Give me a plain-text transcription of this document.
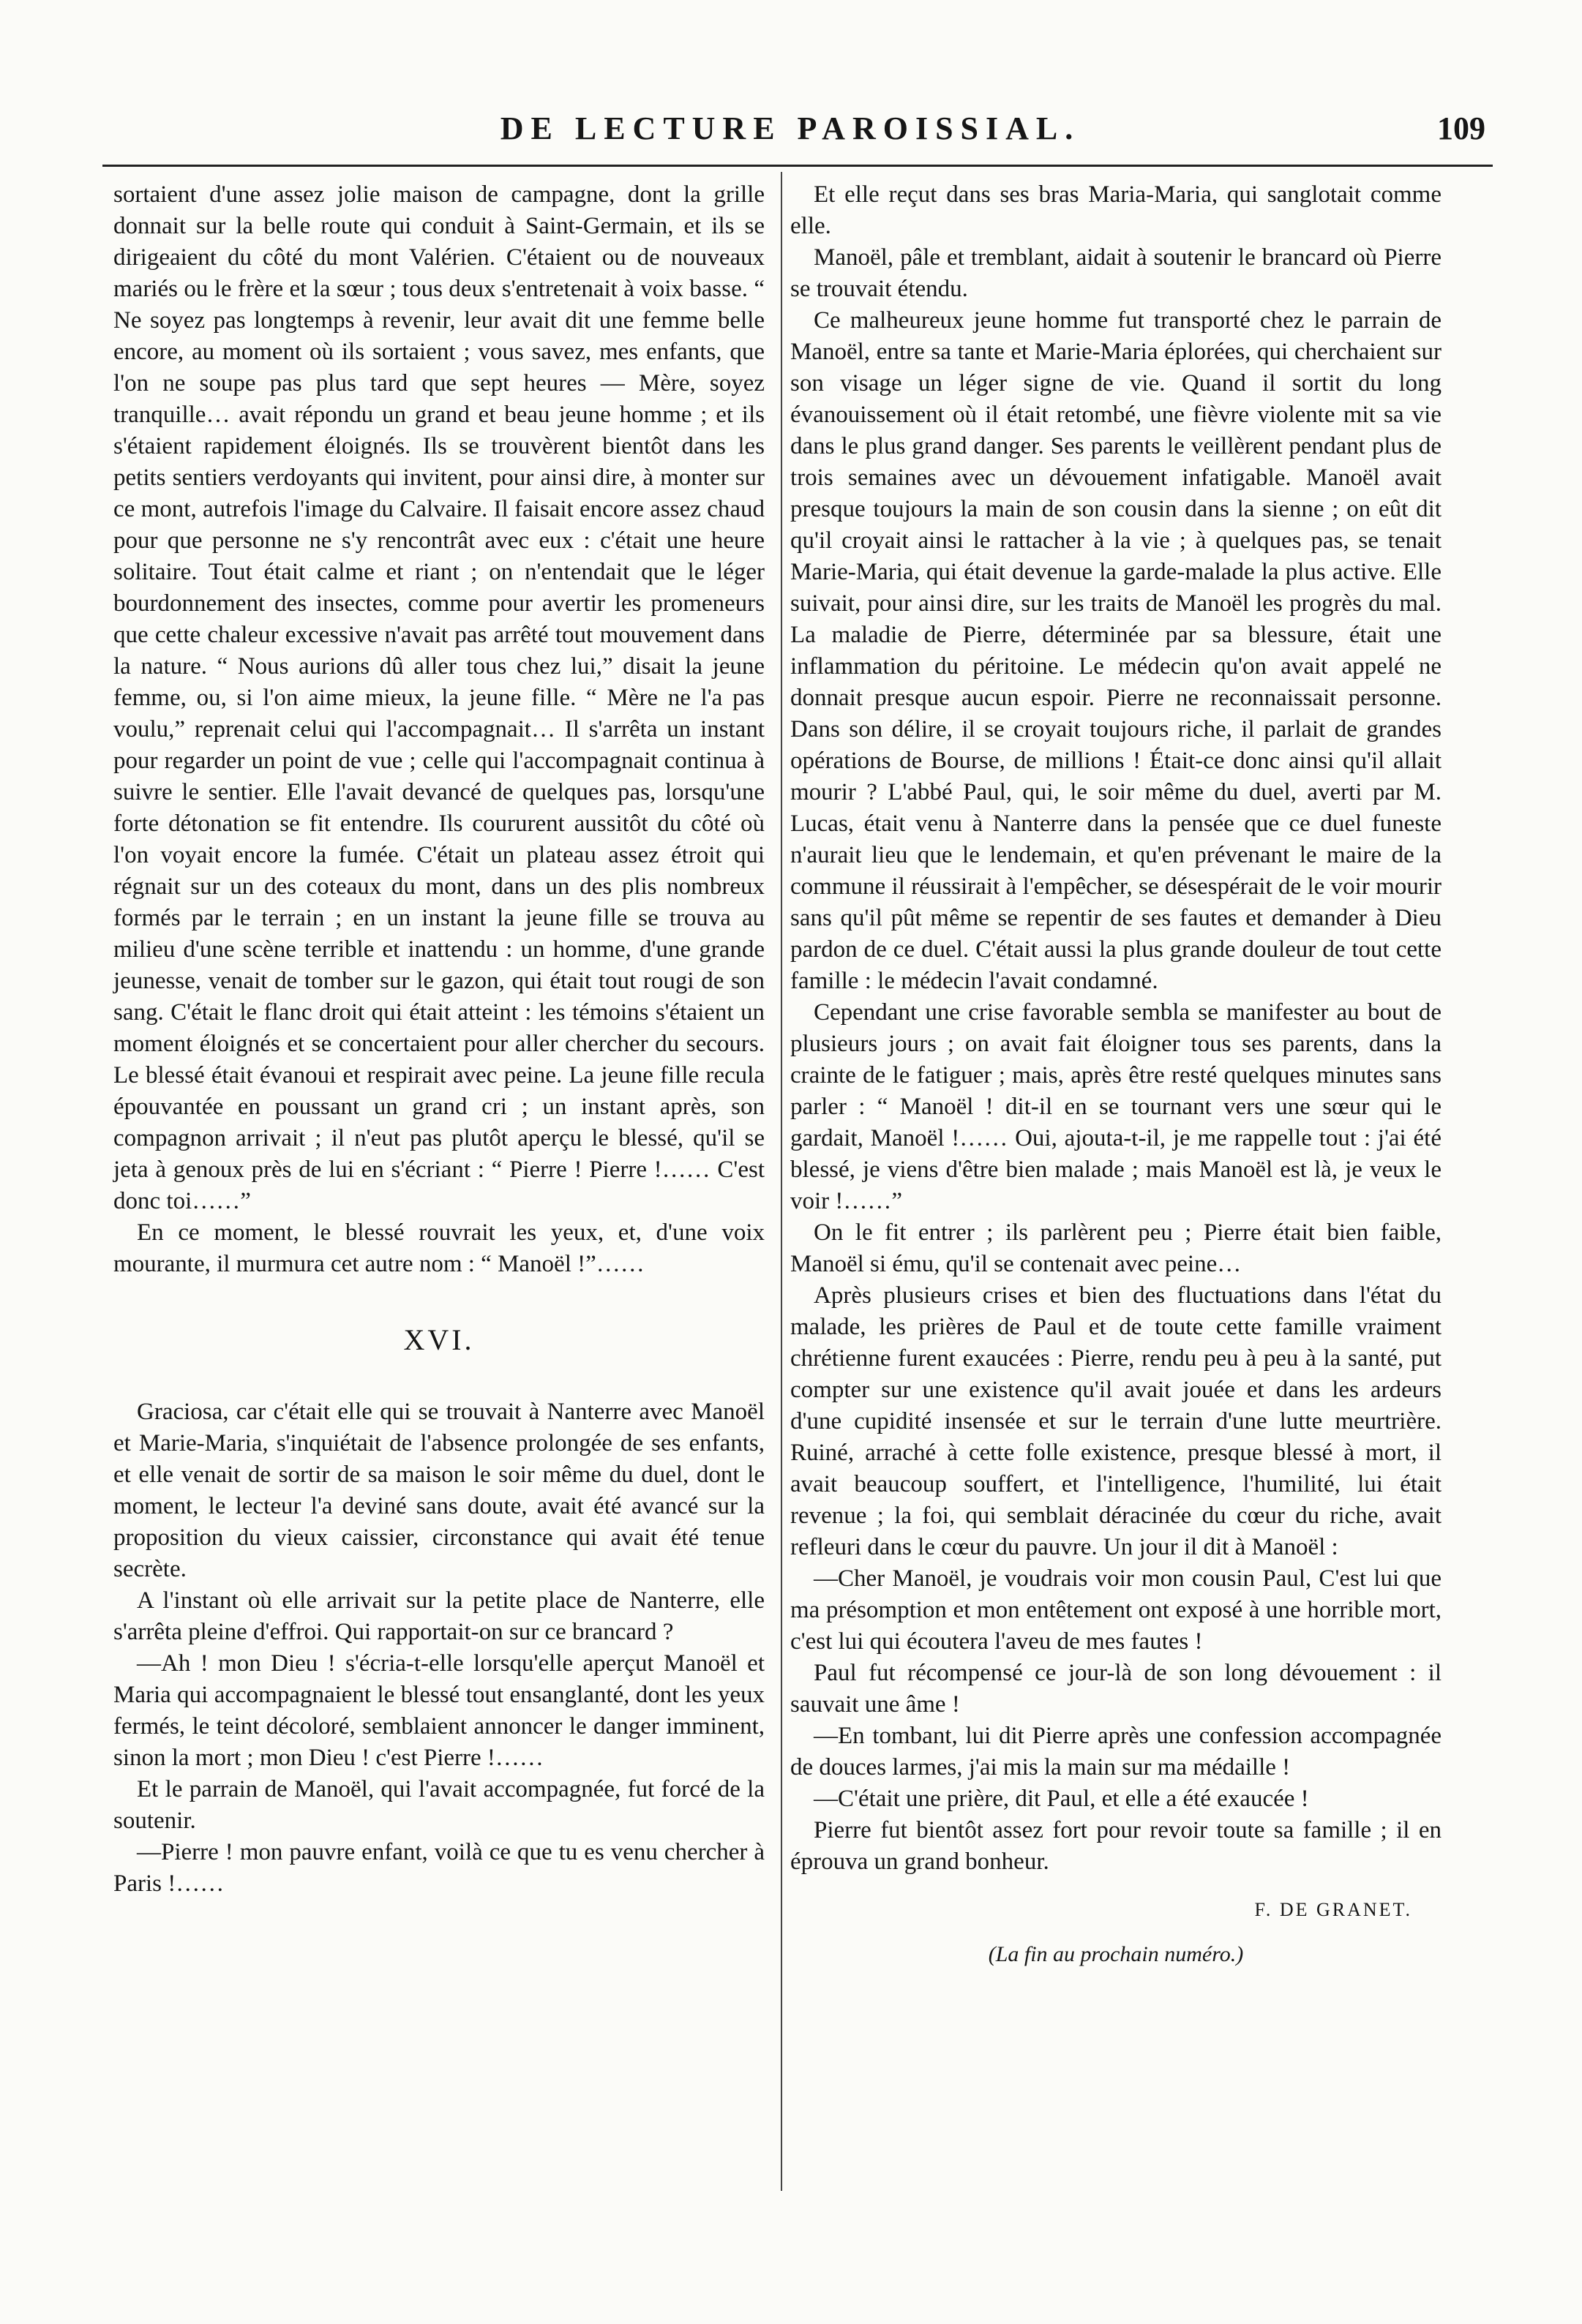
DE LECTURE PAROISSIAL.	109

sortaient d'une assez jolie maison de campagne, dont la grille donnait sur la belle route qui conduit à Saint-Germain, et ils se dirigeaient du côté du mont Valérien. C'étaient ou de nouveaux mariés ou le frère et la sœur ; tous deux s'entretenait à voix basse. “ Ne soyez pas longtemps à revenir, leur avait dit une femme belle encore, au moment où ils sortaient ; vous savez, mes enfants, que l'on ne soupe pas plus tard que sept heures — Mère, soyez tranquille… avait répondu un grand et beau jeune homme ; et ils s'étaient rapidement éloignés. Ils se trouvèrent bientôt dans les petits sentiers verdoyants qui invitent, pour ainsi dire, à monter sur ce mont, autrefois l'image du Calvaire. Il faisait encore assez chaud pour que personne ne s'y rencontrât avec eux : c'était une heure solitaire. Tout était calme et riant ; on n'entendait que le léger bourdonnement des insectes, comme pour avertir les promeneurs que cette chaleur excessive n'avait pas arrêté tout mouvement dans la nature. “ Nous aurions dû aller tous chez lui,” disait la jeune femme, ou, si l'on aime mieux, la jeune fille. “ Mère ne l'a pas voulu,” reprenait celui qui l'accompagnait… Il s'arrêta un instant pour regarder un point de vue ; celle qui l'accompagnait continua à suivre le sentier. Elle l'avait devancé de quelques pas, lorsqu'une forte détonation se fit entendre. Ils coururent aussitôt du côté où l'on voyait encore la fumée. C'était un plateau assez étroit qui régnait sur un des coteaux du mont, dans un des plis nombreux formés par le terrain ; en un instant la jeune fille se trouva au milieu d'une scène terrible et inattendu : un homme, d'une grande jeunesse, venait de tomber sur le gazon, qui était tout rougi de son sang. C'était le flanc droit qui était atteint : les témoins s'étaient un moment éloignés et se concertaient pour aller chercher du secours. Le blessé était évanoui et respirait avec peine. La jeune fille recula épouvantée en poussant un grand cri ; un instant après, son compagnon arrivait ; il n'eut pas plutôt aperçu le blessé, qu'il se jeta à genoux près de lui en s'écriant : “ Pierre ! Pierre !…… C'est donc toi……”

En ce moment, le blessé rouvrait les yeux, et, d'une voix mourante, il murmura cet autre nom : “ Manoël !”……

XVI.

Graciosa, car c'était elle qui se trouvait à Nanterre avec Manoël et Marie-Maria, s'inquiétait de l'absence prolongée de ses enfants, et elle venait de sortir de sa maison le soir même du duel, dont le moment, le lecteur l'a deviné sans doute, avait été avancé sur la proposition du vieux caissier, circonstance qui avait été tenue secrète.

A l'instant où elle arrivait sur la petite place de Nanterre, elle s'arrêta pleine d'effroi. Qui rapportait-on sur ce brancard ?

—Ah ! mon Dieu ! s'écria-t-elle lorsqu'elle aperçut Manoël et Maria qui accompagnaient le blessé tout ensanglanté, dont les yeux fermés, le teint décoloré, semblaient annoncer le danger imminent, sinon la mort ; mon Dieu ! c'est Pierre !……

Et le parrain de Manoël, qui l'avait accompagnée, fut forcé de la soutenir.

—Pierre ! mon pauvre enfant, voilà ce que tu es venu chercher à Paris !……

Et elle reçut dans ses bras Maria-Maria, qui sanglotait comme elle.

Manoël, pâle et tremblant, aidait à soutenir le brancard où Pierre se trouvait étendu.

Ce malheureux jeune homme fut transporté chez le parrain de Manoël, entre sa tante et Marie-Maria éplorées, qui cherchaient sur son visage un léger signe de vie. Quand il sortit du long évanouissement où il était retombé, une fièvre violente mit sa vie dans le plus grand danger. Ses parents le veillèrent pendant plus de trois semaines avec un dévouement infatigable. Manoël avait presque toujours la main de son cousin dans la sienne ; on eût dit qu'il croyait ainsi le rattacher à la vie ; à quelques pas, se tenait Marie-Maria, qui était devenue la garde-malade la plus active. Elle suivait, pour ainsi dire, sur les traits de Manoël les progrès du mal. La maladie de Pierre, déterminée par sa blessure, était une inflammation du péritoine. Le médecin qu'on avait appelé ne donnait presque aucun espoir. Pierre ne reconnaissait personne. Dans son délire, il se croyait toujours riche, il parlait de grandes opérations de Bourse, de millions ! Était-ce donc ainsi qu'il allait mourir ? L'abbé Paul, qui, le soir même du duel, averti par M. Lucas, était venu à Nanterre dans la pensée que ce duel funeste n'aurait lieu que le lendemain, et qu'en prévenant le maire de la commune il réussirait à l'empêcher, se désespérait de le voir mourir sans qu'il pût même se repentir de ses fautes et demander à Dieu pardon de ce duel. C'était aussi la plus grande douleur de tout cette famille : le médecin l'avait condamné.

Cependant une crise favorable sembla se manifester au bout de plusieurs jours ; on avait fait éloigner tous ses parents, dans la crainte de le fatiguer ; mais, après être resté quelques minutes sans parler : “ Manoël ! dit-il en se tournant vers une sœur qui le gardait, Manoël !…… Oui, ajouta-t-il, je me rappelle tout : j'ai été blessé, je viens d'être bien malade ; mais Manoël est là, je veux le voir !……”

On le fit entrer ; ils parlèrent peu ; Pierre était bien faible, Manoël si ému, qu'il se contenait avec peine…

Après plusieurs crises et bien des fluctuations dans l'état du malade, les prières de Paul et de toute cette famille vraiment chrétienne furent exaucées : Pierre, rendu peu à peu à la santé, put compter sur une existence qu'il avait jouée et dans les ardeurs d'une cupidité insensée et sur le terrain d'une lutte meurtrière. Ruiné, arraché à cette folle existence, presque blessé à mort, il avait beaucoup souffert, et l'intelligence, l'humilité, lui était revenue ; la foi, qui semblait déracinée du cœur du riche, avait refleuri dans le cœur du pauvre. Un jour il dit à Manoël :

—Cher Manoël, je voudrais voir mon cousin Paul, C'est lui que ma présomption et mon entêtement ont exposé à une horrible mort, c'est lui qui écoutera l'aveu de mes fautes !

Paul fut récompensé ce jour-là de son long dévouement : il sauvait une âme !

—En tombant, lui dit Pierre après une confession accompagnée de douces larmes, j'ai mis la main sur ma médaille !

—C'était une prière, dit Paul, et elle a été exaucée !

Pierre fut bientôt assez fort pour revoir toute sa famille ; il en éprouva un grand bonheur.

F. DE GRANET.
(La fin au prochain numéro.)
